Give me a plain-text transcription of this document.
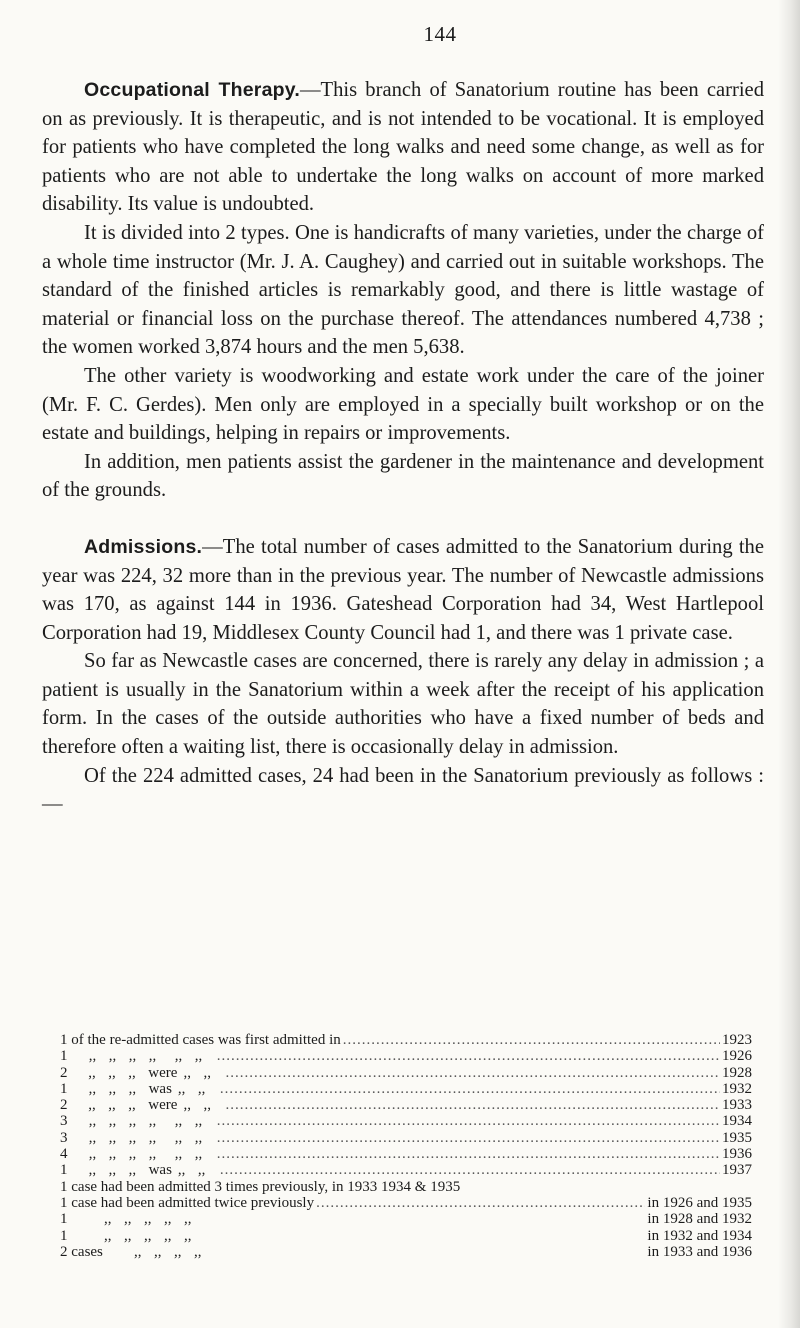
144

Occupational Therapy.—This branch of Sanatorium routine has been carried on as previously. It is therapeutic, and is not intended to be vocational. It is employed for patients who have completed the long walks and need some change, as well as for patients who are not able to undertake the long walks on account of more marked disability. Its value is undoubted.

It is divided into 2 types. One is handicrafts of many varieties, under the charge of a whole time instructor (Mr. J. A. Caughey) and carried out in suitable workshops. The standard of the finished articles is remarkably good, and there is little wastage of material or financial loss on the purchase thereof. The attendances numbered 4,738 ; the women worked 3,874 hours and the men 5,638.

The other variety is woodworking and estate work under the care of the joiner (Mr. F. C. Gerdes). Men only are employed in a specially built workshop or on the estate and buildings, helping in repairs or improvements.

In addition, men patients assist the gardener in the maintenance and development of the grounds.

Admissions.—The total number of cases admitted to the Sanatorium during the year was 224, 32 more than in the previous year. The number of Newcastle admissions was 170, as against 144 in 1936. Gateshead Corporation had 34, West Hartlepool Corporation had 19, Middlesex County Council had 1, and there was 1 private case.

So far as Newcastle cases are concerned, there is rarely any delay in admission ; a patient is usually in the Sanatorium within a week after the receipt of his application form. In the cases of the outside authorities who have a fixed number of beds and therefore often a waiting list, there is occasionally delay in admission.

Of the 224 admitted cases, 24 had been in the Sanatorium previously as follows :—

1 of the re-admitted cases was first admitted in .....	1923
1	,, ,, ,, ,, ,, ,, .....	1926
2	,, ,, ,, were ,, ,, .....	1928
1	,, ,, ,, was ,, ,, .....	1932
2	,, ,, ,, were ,, ,, .....	1933
3	,, ,, ,, ,, ,, ,, .....	1934
3	,, ,, ,, ,, ,, ,, .....	1935
4	,, ,, ,, ,, ,, ,, .....	1936
1	,, ,, ,, was ,, ,, .....	1937
1 case had been admitted 3 times previously, in 1933 1934 & 1935
1 case had been admitted twice previously .....	in 1926 and 1935
1	,, ,, ,, ,, ,,	in 1928 and 1932
1	,, ,, ,, ,, ,,	in 1932 and 1934
2 cases	,, ,, ,, ,,	in 1933 and 1936
